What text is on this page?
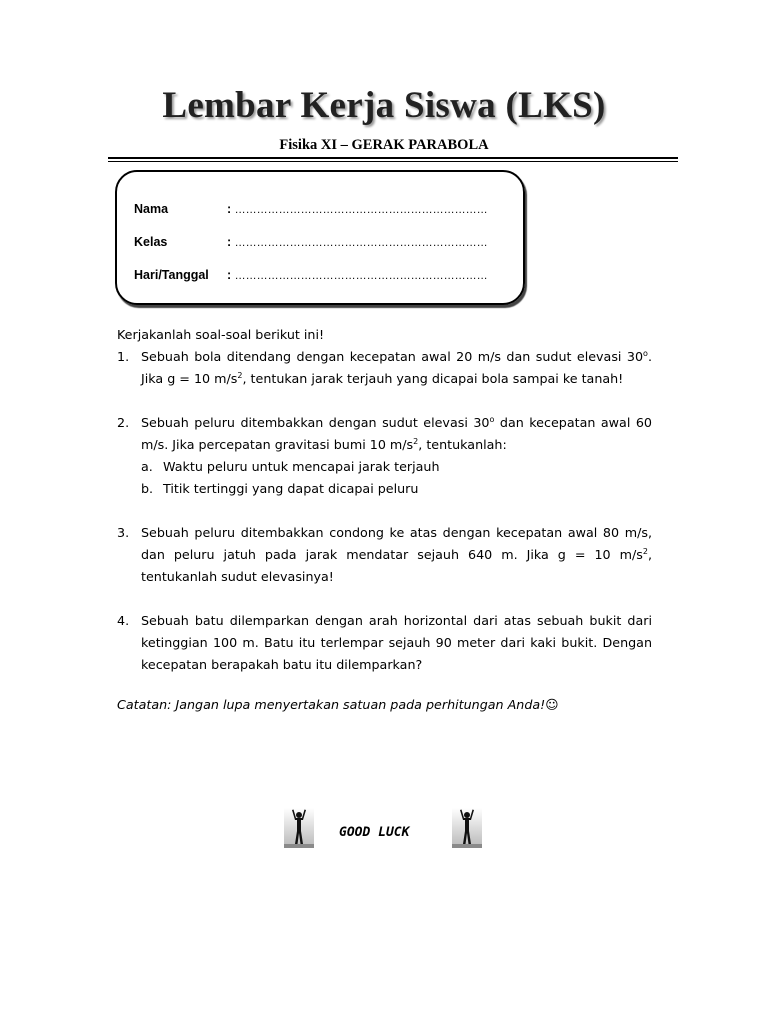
Lembar Kerja Siswa (LKS)
Fisika XI – GERAK PARABOLA
Nama	: ……………………………………………………………
Kelas	: ……………………………………………………………
Hari/Tanggal : ……………………………………………………………

Kerjakanlah soal-soal berikut ini!

1. Sebuah bola ditendang dengan kecepatan awal 20 m/s dan sudut elevasi 30$^o$. Jika g = 10 $m/s^2$, tentukan jarak terjauh yang dicapai bola sampai ke tanah!
2. Sebuah peluru ditembakkan dengan sudut elevasi 30$^o$ dan kecepatan awal 60 m/s. Jika percepatan gravitasi bumi 10 $m/s^2$, tentukanlah:
a. Waktu peluru untuk mencapai jarak terjauh
b. Titik tertinggi yang dapat dicapai peluru
3. Sebuah peluru ditembakkan condong ke atas dengan kecepatan awal 80 m/s, dan peluru jatuh pada jarak mendatar sejauh 640 m. Jika g = 10 $m/s^2$, tentukanlah sudut elevasinya!
4. Sebuah batu dilemparkan dengan arah horizontal dari atas sebuah bukit dari ketinggian 100 m. Batu itu terlempar sejauh 90 meter dari kaki bukit. Dengan kecepatan berapakah batu itu dilemparkan?
Catatan: Jangan lupa menyertakan satuan pada perhitungan Anda!☺
GOOD LUCK
